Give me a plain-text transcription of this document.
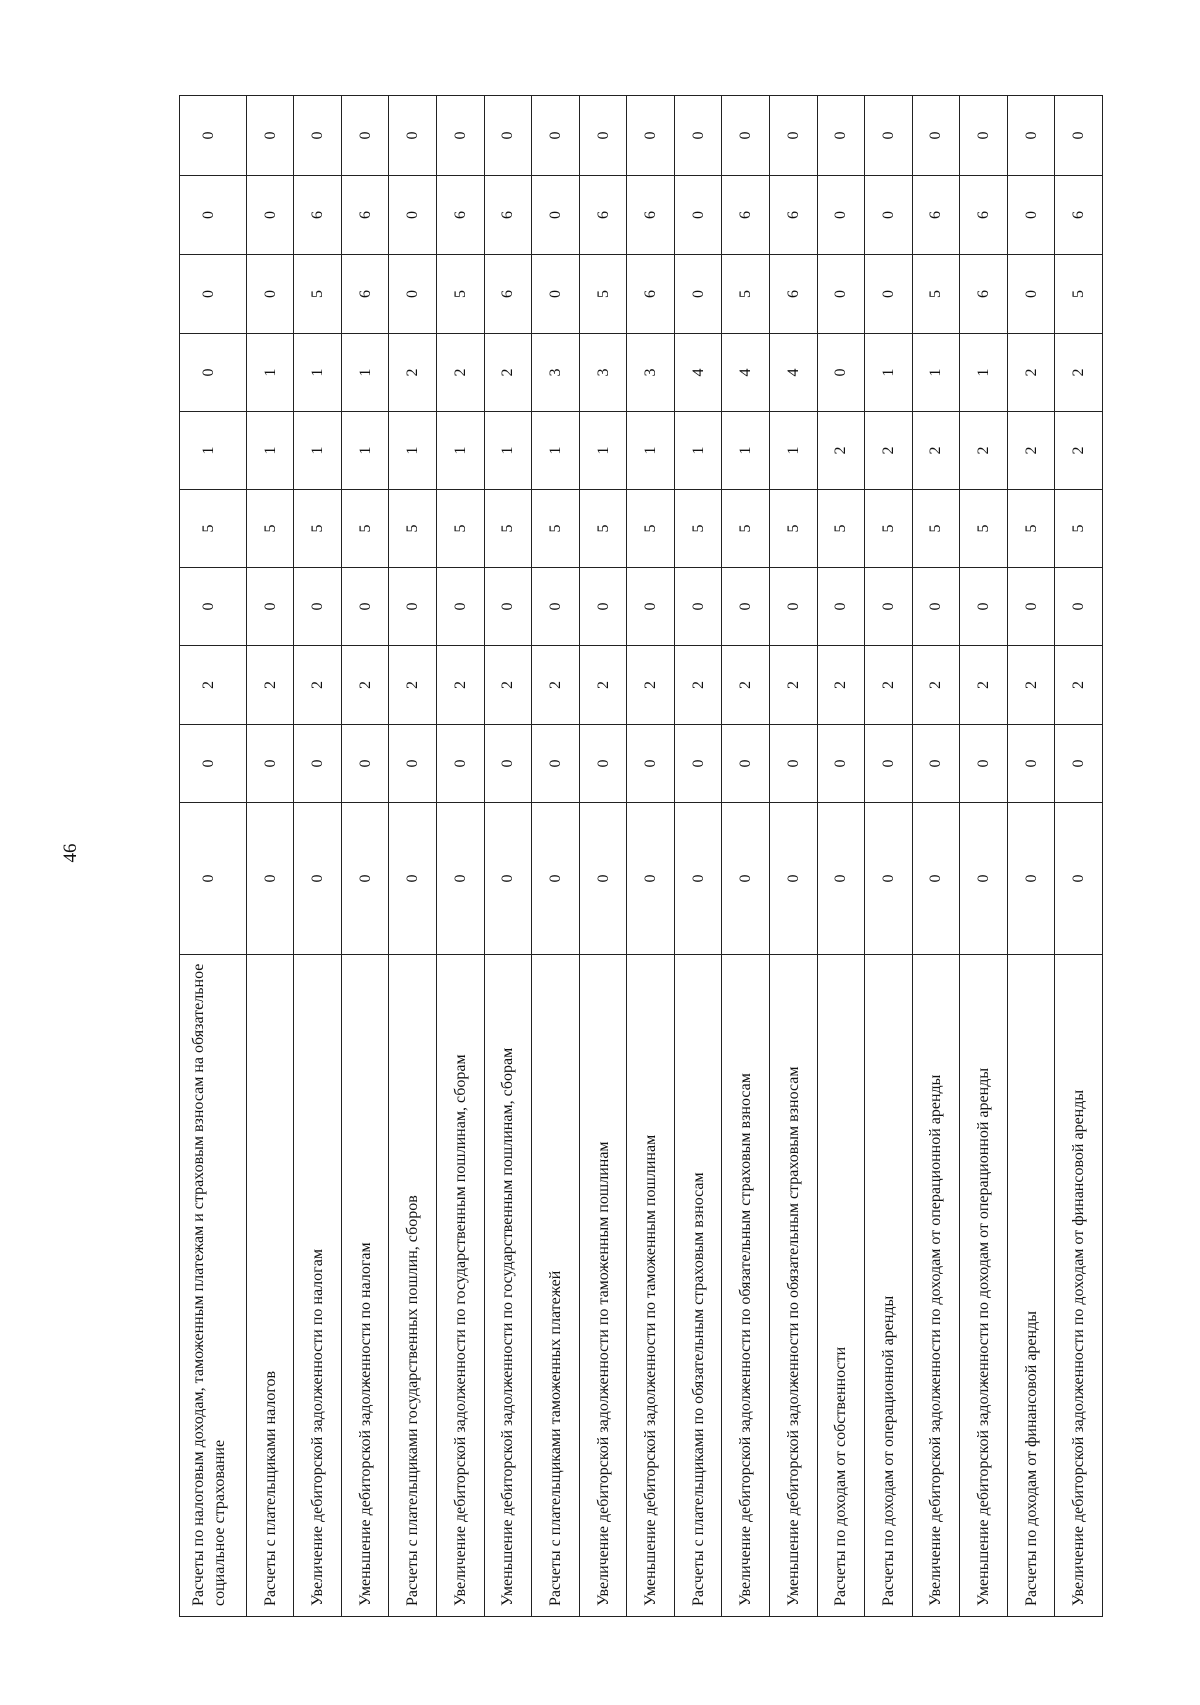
46
Расчеты по налоговым доходам, таможенным платежам и страховым взносам на обязательное социальное страхование	0	0	2	0	5	1	0	0	0	0
Расчеты с плательщиками налогов	0	0	2	0	5	1	1	0	0	0
Увеличение дебиторской задолженности по налогам	0	0	2	0	5	1	1	5	6	0
Уменьшение дебиторской задолженности по налогам	0	0	2	0	5	1	1	6	6	0
Расчеты с плательщиками государственных пошлин, сборов	0	0	2	0	5	1	2	0	0	0
Увеличение дебиторской задолженности по государственным пошлинам, сборам	0	0	2	0	5	1	2	5	6	0
Уменьшение дебиторской задолженности по государственным пошлинам, сборам	0	0	2	0	5	1	2	6	6	0
Расчеты с плательщиками таможенных платежей	0	0	2	0	5	1	3	0	0	0
Увеличение дебиторской задолженности по таможенным пошлинам	0	0	2	0	5	1	3	5	6	0
Уменьшение дебиторской задолженности по таможенным пошлинам	0	0	2	0	5	1	3	6	6	0
Расчеты с плательщиками по обязательным страховым взносам	0	0	2	0	5	1	4	0	0	0
Увеличение дебиторской задолженности по обязательным страховым взносам	0	0	2	0	5	1	4	5	6	0
Уменьшение дебиторской задолженности по обязательным страховым взносам	0	0	2	0	5	1	4	6	6	0
Расчеты по доходам от собственности	0	0	2	0	5	2	0	0	0	0
Расчеты по доходам от операционной аренды	0	0	2	0	5	2	1	0	0	0
Увеличение дебиторской задолженности по доходам от операционной аренды	0	0	2	0	5	2	1	5	6	0
Уменьшение дебиторской задолженности по доходам от операционной аренды	0	0	2	0	5	2	1	6	6	0
Расчеты по доходам от финансовой аренды	0	0	2	0	5	2	2	0	0	0
Увеличение дебиторской задолженности по доходам от финансовой аренды	0	0	2	0	5	2	2	5	6	0
